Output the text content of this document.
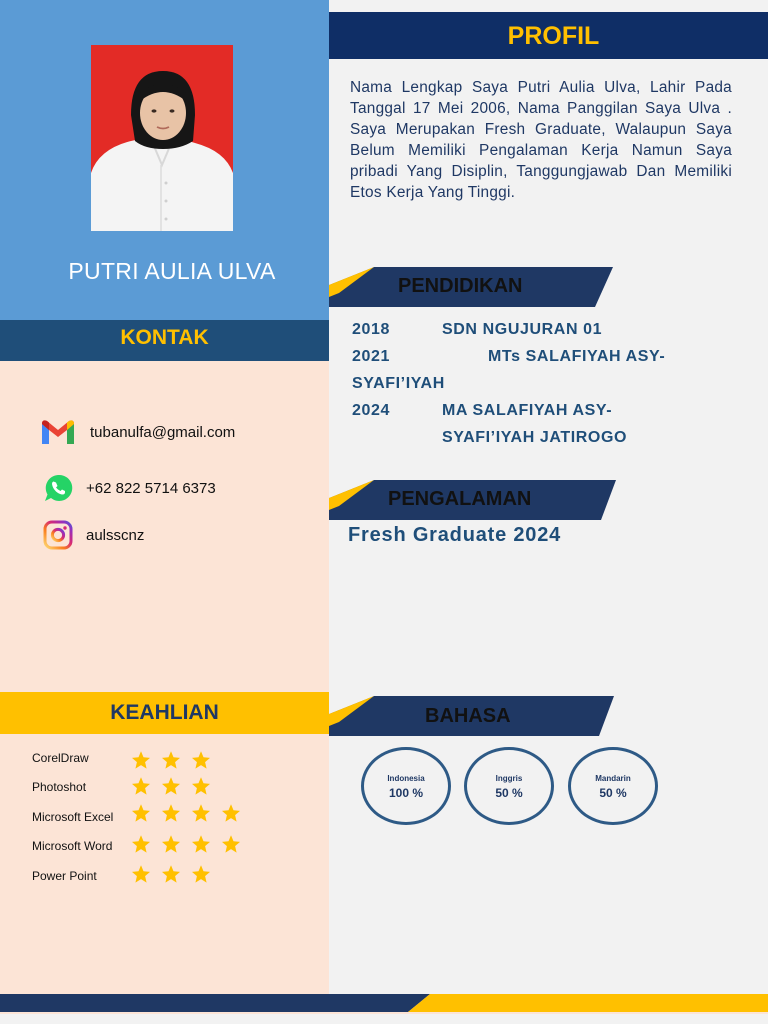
PUTRI AULIA ULVA
KONTAK
tubanulfa@gmail.com
+62 822 5714 6373
aulsscnz
KEAHLIAN
CorelDraw
Photoshot
Microsoft Excel
Microsoft Word
Power Point
PROFIL
Nama Lengkap Saya Putri Aulia Ulva, Lahir Pada Tanggal 17 Mei 2006, Nama Panggilan Saya Ulva . Saya Merupakan Fresh Graduate, Walaupun Saya Belum Memiliki Pengalaman Kerja Namun Saya pribadi Yang Disiplin, Tanggungjawab Dan Memiliki Etos Kerja Yang Tinggi.
PENDIDIKAN
2018	SDN NGUJURAN 01
2021	MTs SALAFIYAH ASY-
SYAFI’IYAH
2024	MA SALAFIYAH ASY-
SYAFI’IYAH JATIROGO
PENGALAMAN
Fresh Graduate 2024
BAHASA
Indonesia
100 %
Inggris
50 %
Mandarin
50 %
